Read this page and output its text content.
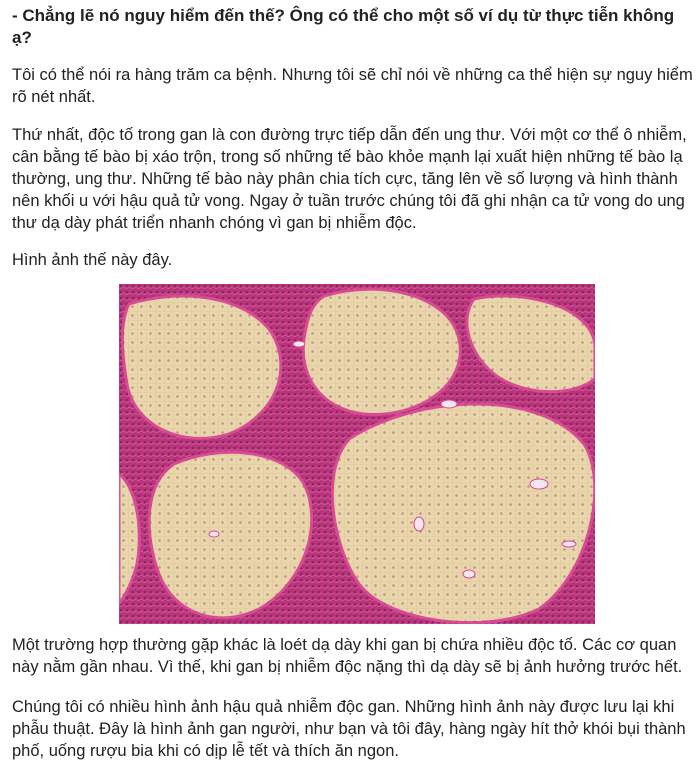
- Chẳng lẽ nó nguy hiểm đến thế? Ông có thể cho một số ví dụ từ thực tiễn không ạ?

Tôi có thể nói ra hàng trăm ca bệnh. Nhưng tôi sẽ chỉ nói về những ca thể hiện sự nguy hiểm rõ nét nhất.

Thứ nhất, độc tố trong gan là con đường trực tiếp dẫn đến ung thư. Với một cơ thể ô nhiễm, cân bằng tế bào bị xáo trộn, trong số những tế bào khỏe mạnh lại xuất hiện những tế bào lạ thường, ung thư. Những tế bào này phân chia tích cực, tăng lên về số lượng và hình thành nên khối u với hậu quả tử vong. Ngay ở tuần trước chúng tôi đã ghi nhận ca tử vong do ung thư dạ dày phát triển nhanh chóng vì gan bị nhiễm độc.

Hình ảnh thế này đây.

Một trường hợp thường gặp khác là loét dạ dày khi gan bị chứa nhiều độc tố. Các cơ quan này nằm gần nhau. Vì thế, khi gan bị nhiễm độc nặng thì dạ dày sẽ bị ảnh hưởng trước hết.

Chúng tôi có nhiều hình ảnh hậu quả nhiễm độc gan. Những hình ảnh này được lưu lại khi phẫu thuật. Đây là hình ảnh gan người, như bạn và tôi đây, hàng ngày hít thở khói bụi thành phố, uống rượu bia khi có dịp lễ tết và thích ăn ngon.
